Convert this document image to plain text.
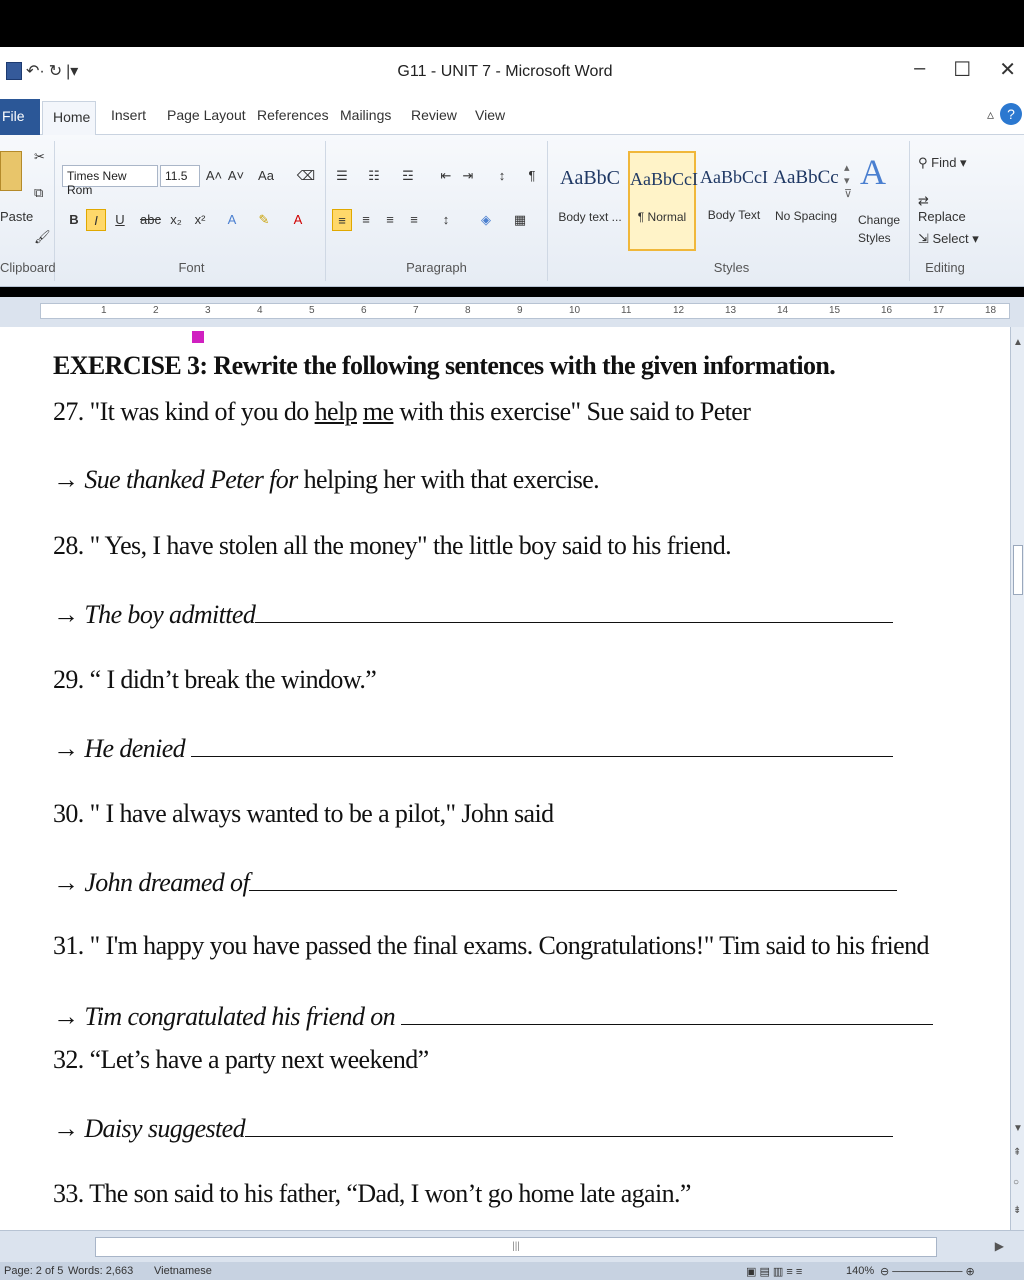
↶· ↻ |▾	G11 - UNIT 7 - Microsoft Word	– ☐ ✕
File	Home	Insert Page Layout References Mailings Review View	▵ ?
Paste
✂
⧉
🖌
Clipboard
Times New Rom
11.5	A˄ A˅ Aa ⌫
B	I	U	abc x₂ x²	A	✎	A
Font
☰	☷	☲	⇤ ⇥	↕	¶
≡	≡	≡	≡	↕	◈	▦
Paragraph
AaBbC
Body text ...
AaBbCcI
¶ Normal
AaBbCcI
Body Text
AaBbCc
No Spacing
▴
▾
⊽
A
Change Styles
Styles
⚲ Find ▾
⇄ Replace
⇲ Select ▾
Editing
1	2	3	4	5	6	7	8	9	10	11	12	13	14	15	16	17	18
EXERCISE 3: Rewrite the following sentences with the given information.
27. "It was kind of you do help me with this exercise" Sue said to Peter
→ Sue thanked Peter for helping her with that exercise.
28. " Yes, I have stolen all the money" the little boy said to his friend.
→ The boy admitted
29. “ I didn’t break the window.”
→ He denied
30. " I have always wanted to be a pilot," John said
→ John dreamed of
31. " I'm happy you have passed the final exams. Congratulations!" Tim said to his friend
→ Tim congratulated his friend on
32. “Let’s have a party next weekend”
→ Daisy suggested
33. The son said to his father, “Dad, I won’t go home late again.”
▲
▼
⇞
○
⇟
|||	▶
Page: 2 of 5 Words: 2,663 Vietnamese	▣ ▤ ▥ ≡ ≡	140% ⊖ ───────── ⊕
